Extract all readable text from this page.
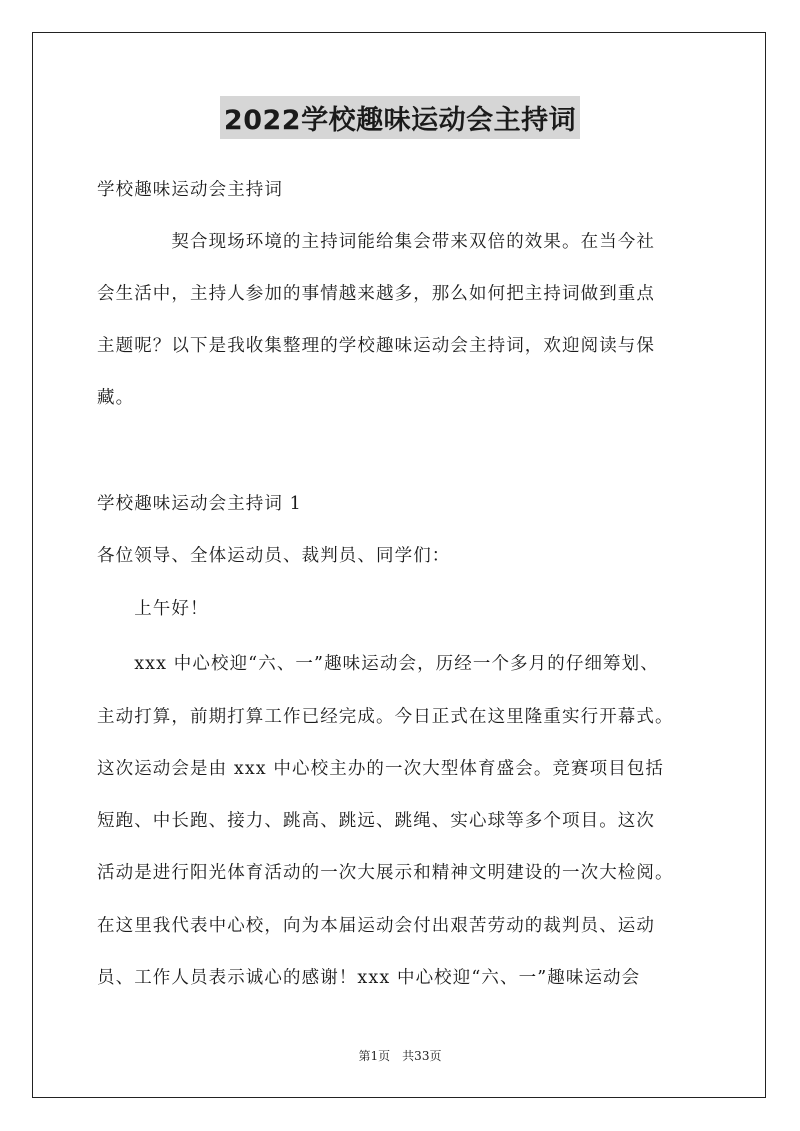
2022学校趣味运动会主持词
学校趣味运动会主持词
　　　　契合现场环境的主持词能给集会带来双倍的效果。在当今社
会生活中，主持人参加的事情越来越多，那么如何把主持词做到重点
主题呢？以下是我收集整理的学校趣味运动会主持词，欢迎阅读与保
藏。
学校趣味运动会主持词 1
各位领导、全体运动员、裁判员、同学们：
　　上午好！
　　xxx 中心校迎“六、一”趣味运动会，历经一个多月的仔细筹划、
主动打算，前期打算工作已经完成。今日正式在这里隆重实行开幕式。
这次运动会是由 xxx 中心校主办的一次大型体育盛会。竞赛项目包括
短跑、中长跑、接力、跳高、跳远、跳绳、实心球等多个项目。这次
活动是进行阳光体育活动的一次大展示和精神文明建设的一次大检阅。
在这里我代表中心校，向为本届运动会付出艰苦劳动的裁判员、运动
员、工作人员表示诚心的感谢！xxx 中心校迎“六、一”趣味运动会
第1页　共33页
